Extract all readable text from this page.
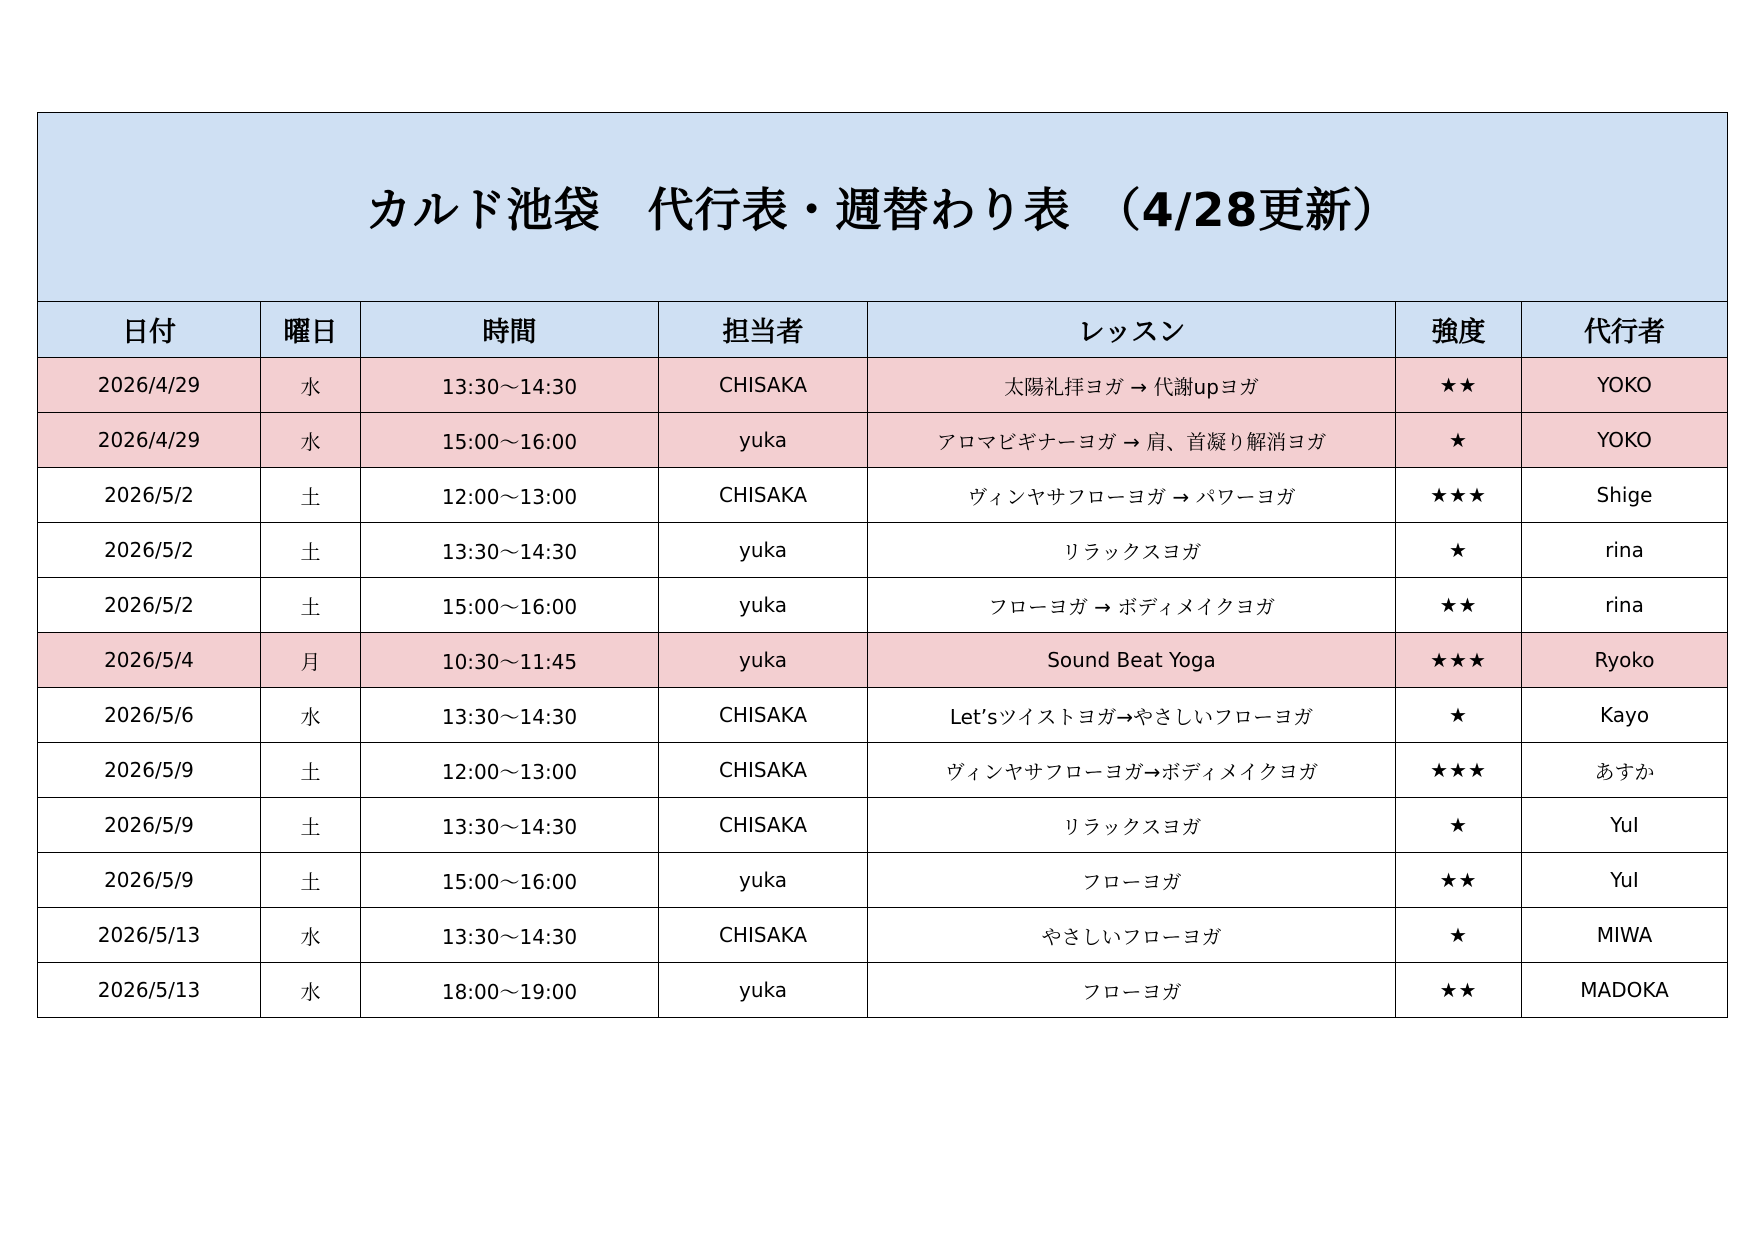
カルド池袋　代行表・週替わり表　（4/28更新）						
日付	曜日	時間	担当者	レッスン	強度	代行者
2026/4/29	水	13:30～14:30	CHISAKA	太陽礼拝ヨガ → 代謝upヨガ	★★	YOKO
2026/4/29	水	15:00～16:00	yuka	アロマビギナーヨガ → 肩、首凝り解消ヨガ	★	YOKO
2026/5/2	土	12:00～13:00	CHISAKA	ヴィンヤサフローヨガ → パワーヨガ	★★★	Shige
2026/5/2	土	13:30～14:30	yuka	リラックスヨガ	★	rina
2026/5/2	土	15:00～16:00	yuka	フローヨガ → ボディメイクヨガ	★★	rina
2026/5/4	月	10:30～11:45	yuka	Sound Beat Yoga	★★★	Ryoko
2026/5/6	水	13:30～14:30	CHISAKA	Let’sツイストヨガ→やさしいフローヨガ	★	Kayo
2026/5/9	土	12:00～13:00	CHISAKA	ヴィンヤサフローヨガ→ボディメイクヨガ	★★★	あすか
2026/5/9	土	13:30～14:30	CHISAKA	リラックスヨガ	★	YuI
2026/5/9	土	15:00～16:00	yuka	フローヨガ	★★	YuI
2026/5/13	水	13:30～14:30	CHISAKA	やさしいフローヨガ	★	MIWA
2026/5/13	水	18:00～19:00	yuka	フローヨガ	★★	MADOKA
